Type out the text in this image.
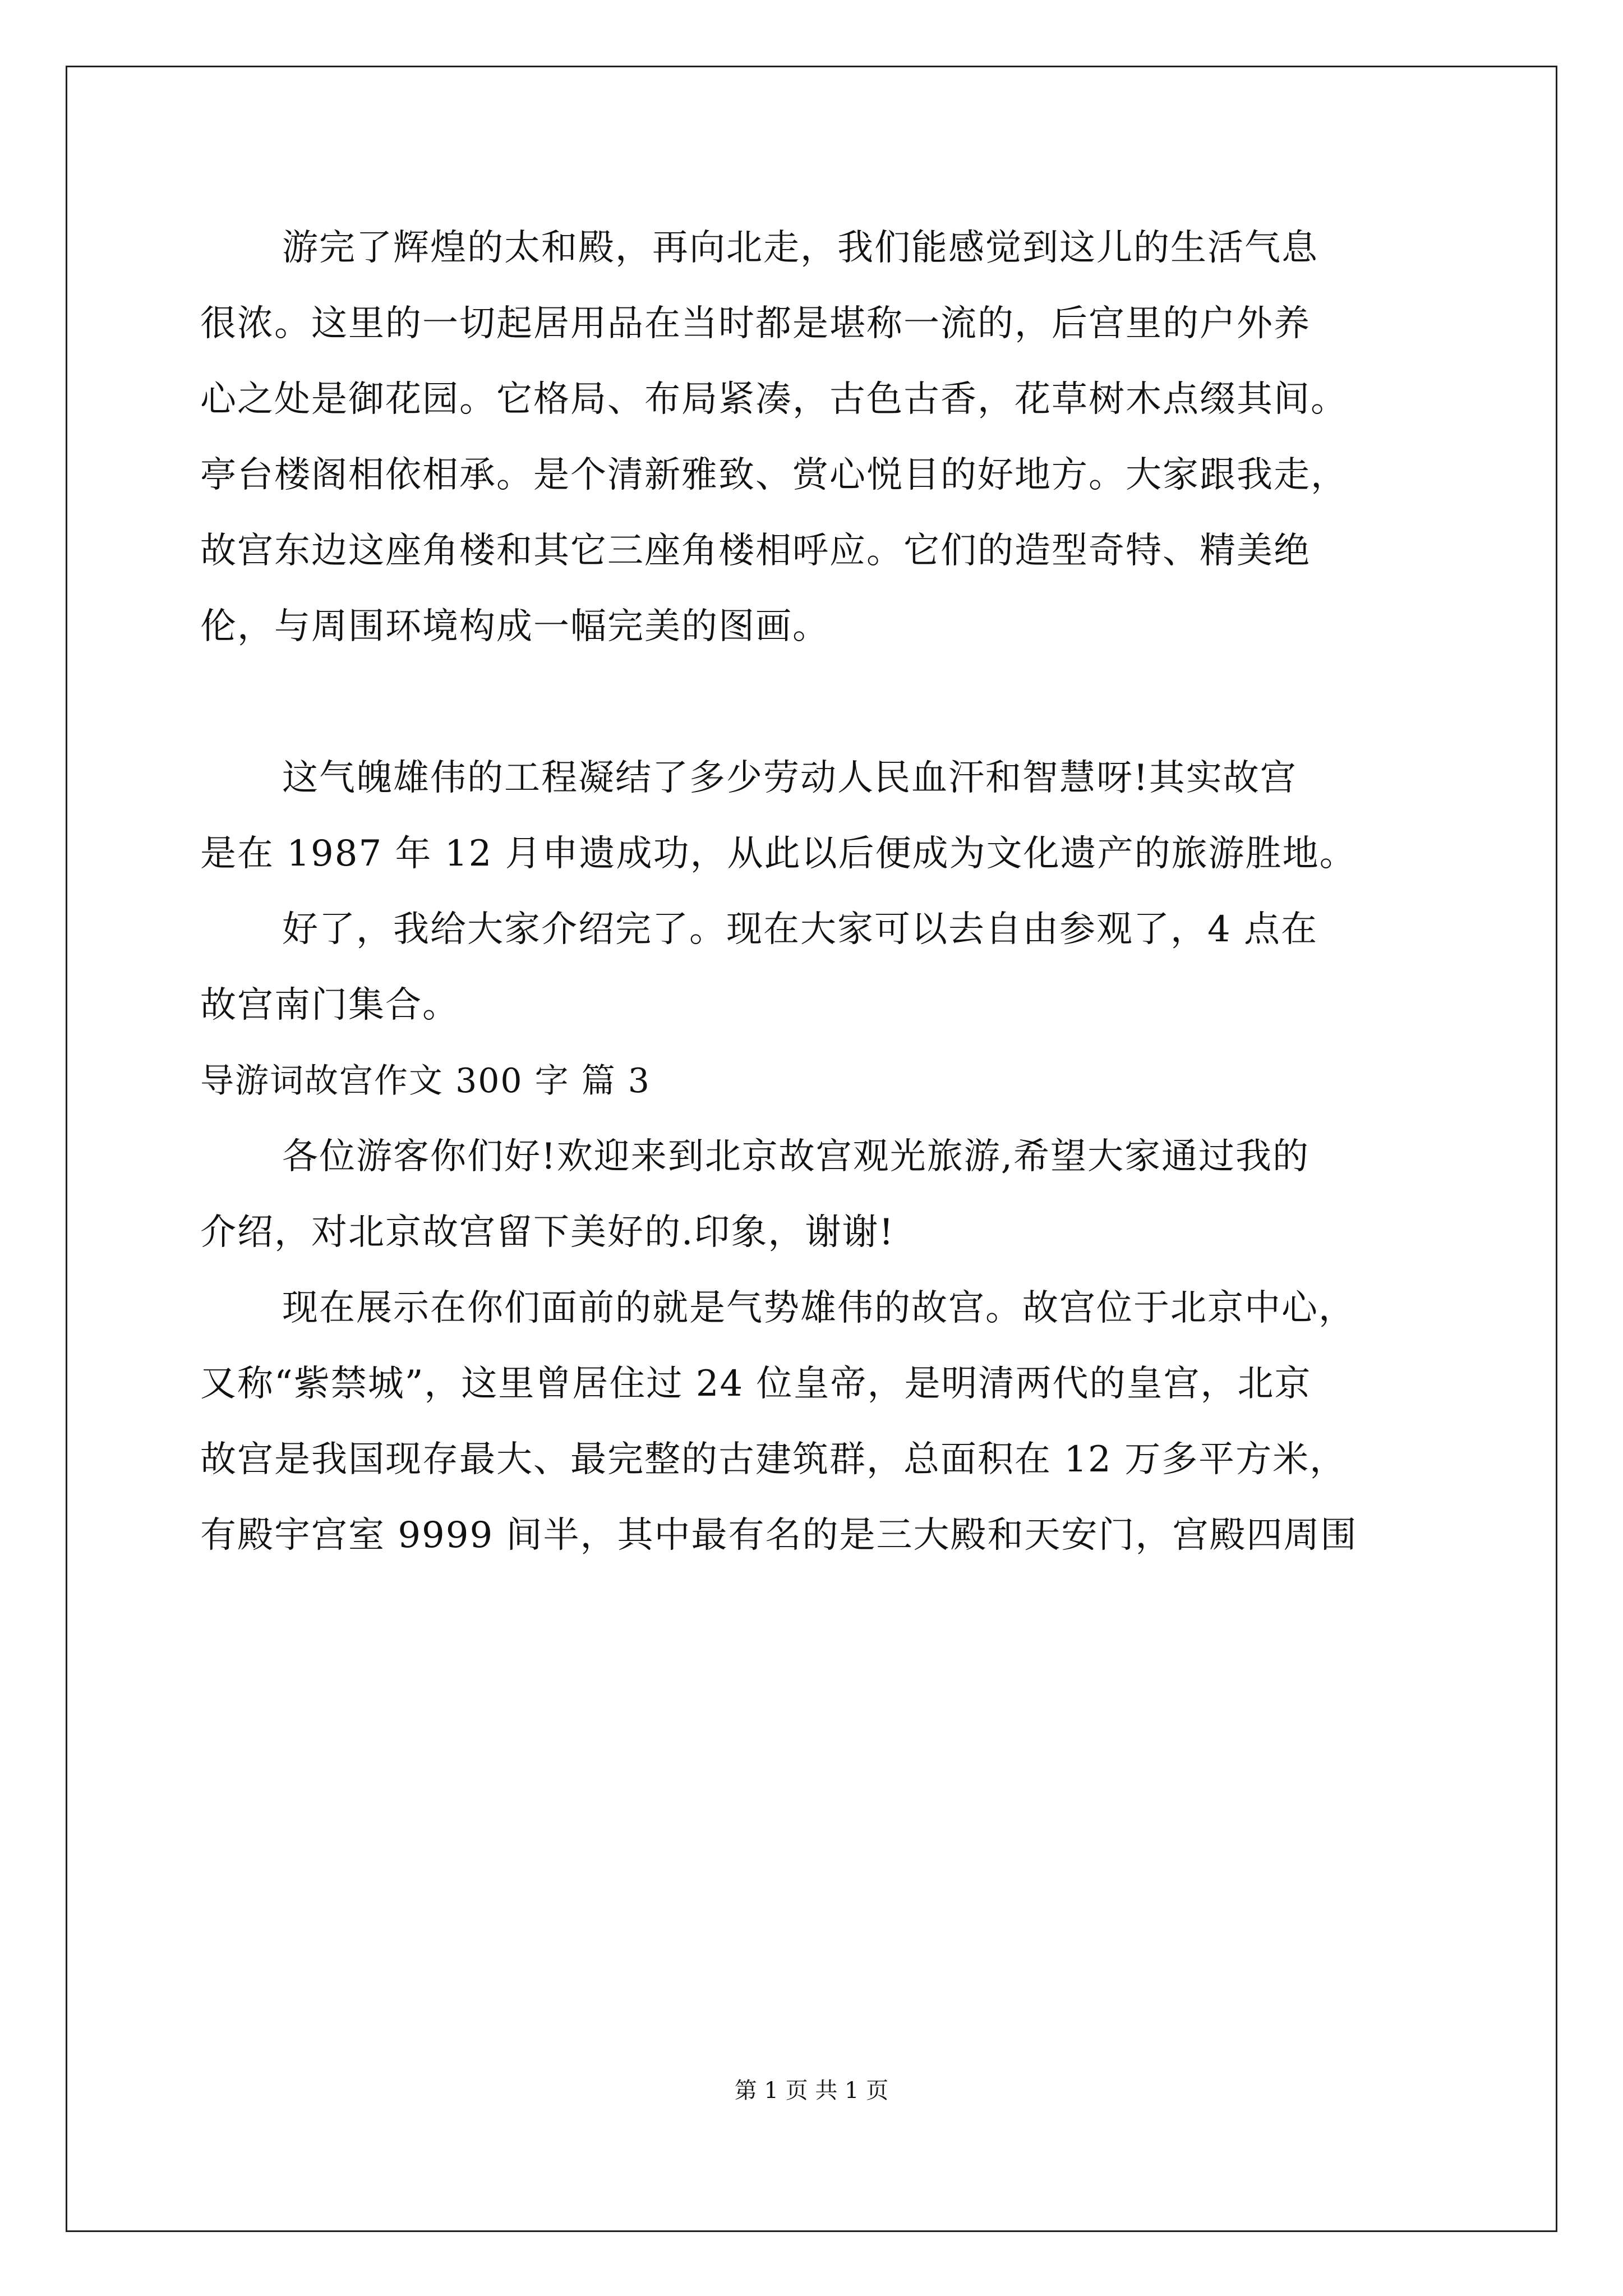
游完了辉煌的太和殿，再向北走，我们能感觉到这儿的生活气息
很浓。这里的一切起居用品在当时都是堪称一流的，后宫里的户外养
心之处是御花园。它格局、布局紧凑，古色古香，花草树木点缀其间。
亭台楼阁相依相承。是个清新雅致、赏心悦目的好地方。大家跟我走，
故宫东边这座角楼和其它三座角楼相呼应。它们的造型奇特、精美绝
伦，与周围环境构成一幅完美的图画。
这气魄雄伟的工程凝结了多少劳动人民血汗和智慧呀!其实故宫
是在 1987 年 12 月申遗成功，从此以后便成为文化遗产的旅游胜地。
好了，我给大家介绍完了。现在大家可以去自由参观了，4 点在
故宫南门集合。
导游词故宫作文 300 字 篇 3
各位游客你们好!欢迎来到北京故宫观光旅游,希望大家通过我的
介绍，对北京故宫留下美好的.印象，谢谢!
现在展示在你们面前的就是气势雄伟的故宫。故宫位于北京中心，
又称“紫禁城”，这里曾居住过 24 位皇帝，是明清两代的皇宫，北京
故宫是我国现存最大、最完整的古建筑群，总面积在 12 万多平方米，
有殿宇宫室 9999 间半，其中最有名的是三大殿和天安门，宫殿四周围
第 1 页 共 1 页
